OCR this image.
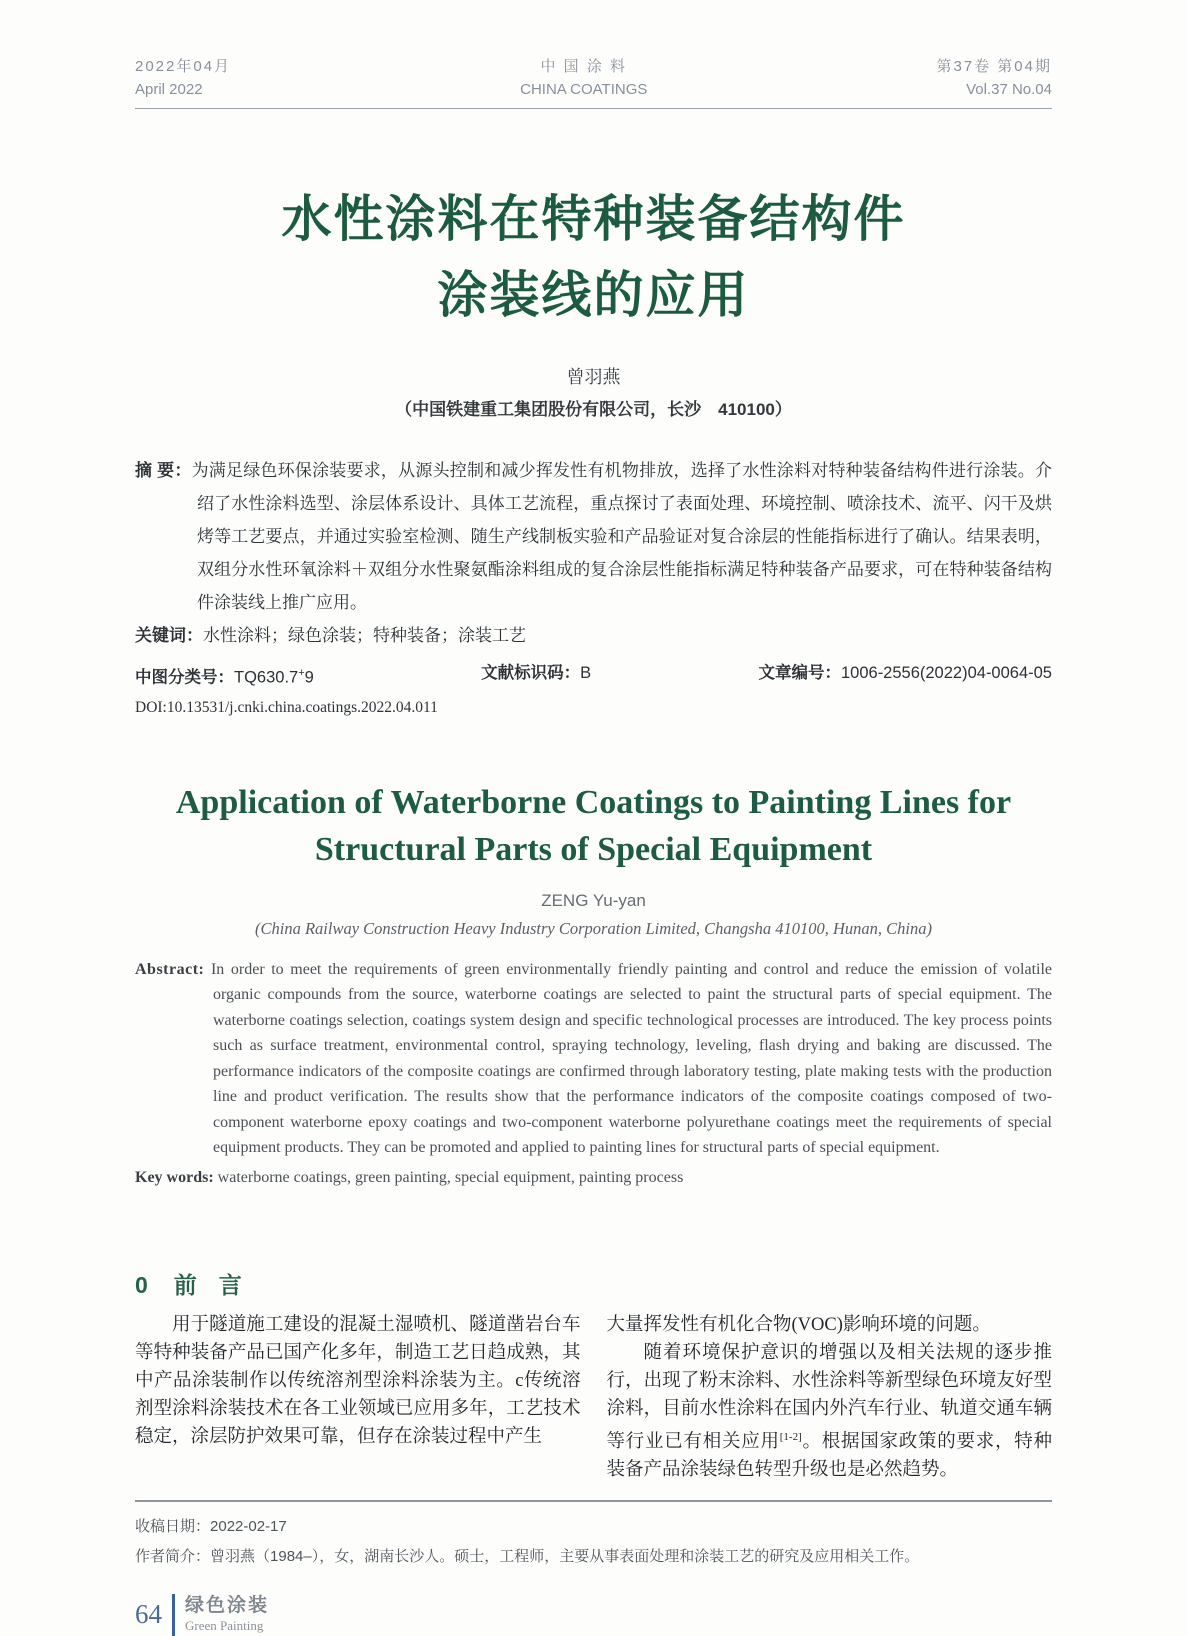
2022年04月
April 2022
中 国 涂 料
CHINA COATINGS
第37卷 第04期
Vol.37 No.04
水性涂料在特种装备结构件
涂装线的应用
曾羽燕
（中国铁建重工集团股份有限公司，长沙　410100）

摘 要：为满足绿色环保涂装要求，从源头控制和减少挥发性有机物排放，选择了水性涂料对特种装备结构件进行涂装。介绍了水性涂料选型、涂层体系设计、具体工艺流程，重点探讨了表面处理、环境控制、喷涂技术、流平、闪干及烘烤等工艺要点，并通过实验室检测、随生产线制板实验和产品验证对复合涂层的性能指标进行了确认。结果表明，双组分水性环氧涂料＋双组分水性聚氨酯涂料组成的复合涂层性能指标满足特种装备产品要求，可在特种装备结构件涂装线上推广应用。

关键词：水性涂料；绿色涂装；特种装备；涂装工艺

中图分类号：TQ630.7+9	文献标识码：B	文章编号：1006-2556(2022)04-0064-05
DOI:10.13531/j.cnki.china.coatings.2022.04.011
Application of Waterborne Coatings to Painting Lines for
Structural Parts of Special Equipment
ZENG Yu-yan
(China Railway Construction Heavy Industry Corporation Limited, Changsha 410100, Hunan, China)

Abstract: In order to meet the requirements of green environmentally friendly painting and control and reduce the emission of volatile organic compounds from the source, waterborne coatings are selected to paint the structural parts of special equipment. The waterborne coatings selection, coatings system design and specific technological processes are introduced. The key process points such as surface treatment, environmental control, spraying technology, leveling, flash drying and baking are discussed. The performance indicators of the composite coatings are confirmed through laboratory testing, plate making tests with the production line and product verification. The results show that the performance indicators of the composite coatings composed of two-component waterborne epoxy coatings and two-component waterborne polyurethane coatings meet the requirements of special equipment products. They can be promoted and applied to painting lines for structural parts of special equipment.

Key words: waterborne coatings, green painting, special equipment, painting process

0 前言

用于隧道施工建设的混凝土湿喷机、隧道凿岩台车等特种装备产品已国产化多年，制造工艺日趋成熟，其中产品涂装制作以传统溶剂型涂料涂装为主。c传统溶剂型涂料涂装技术在各工业领域已应用多年，工艺技术稳定，涂层防护效果可靠，但存在涂装过程中产生

大量挥发性有机化合物(VOC)影响环境的问题。

随着环境保护意识的增强以及相关法规的逐步推行，出现了粉末涂料、水性涂料等新型绿色环境友好型涂料，目前水性涂料在国内外汽车行业、轨道交通车辆等行业已有相关应用[1-2]。根据国家政策的要求，特种装备产品涂装绿色转型升级也是必然趋势。

收稿日期：2022-02-17
作者简介：曾羽燕（1984–），女，湖南长沙人。硕士，工程师，主要从事表面处理和涂装工艺的研究及应用相关工作。
64 绿色涂装
Green Painting
